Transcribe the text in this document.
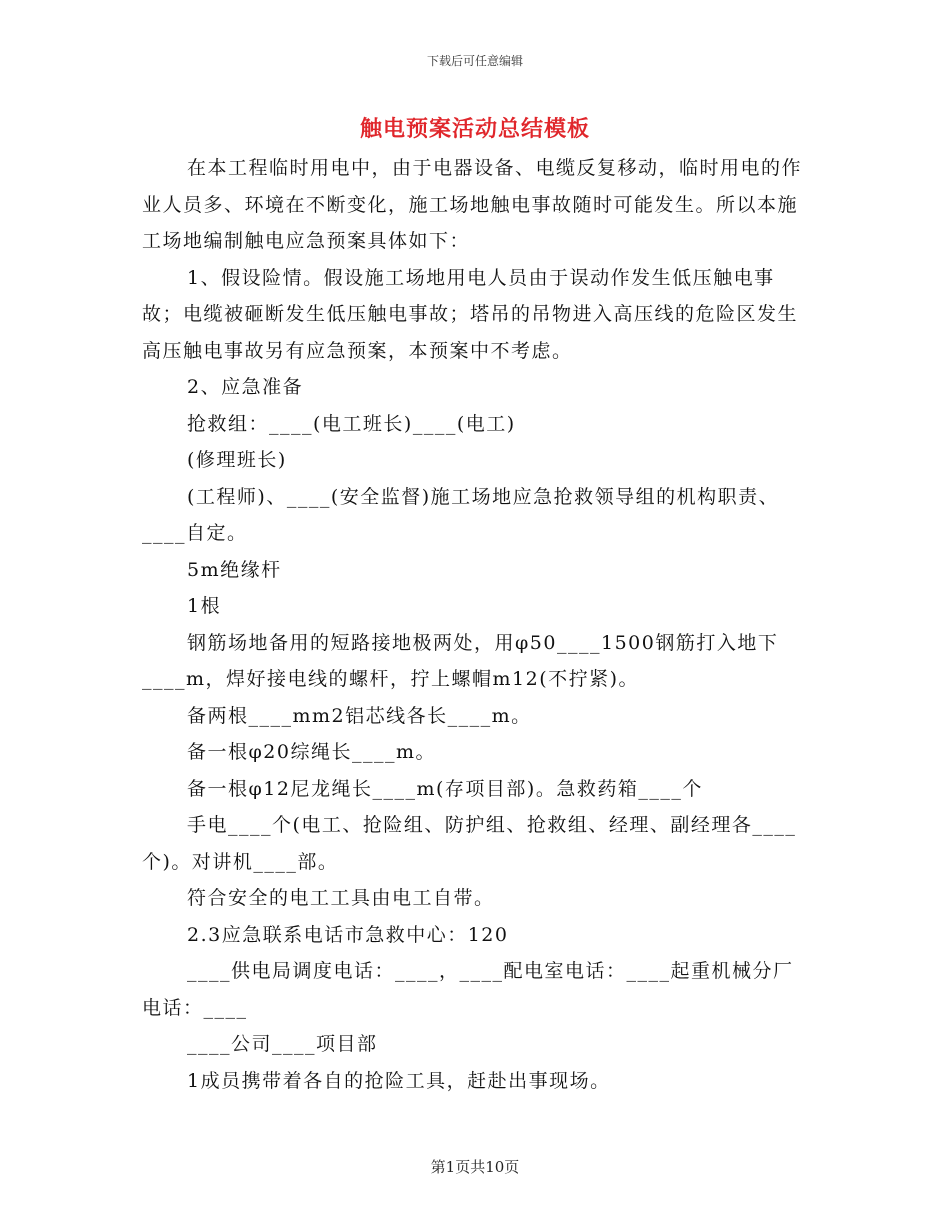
下载后可任意编辑
触电预案活动总结模板

在本工程临时用电中，由于电器设备、电缆反复移动，临时用电的作业人员多、环境在不断变化，施工场地触电事故随时可能发生。所以本施工场地编制触电应急预案具体如下：

1、假设险情。假设施工场地用电人员由于误动作发生低压触电事故；电缆被砸断发生低压触电事故；塔吊的吊物进入高压线的危险区发生高压触电事故另有应急预案，本预案中不考虑。

2、应急准备

抢救组：____(电工班长)____(电工)

(修理班长)

(工程师)、____(安全监督)施工场地应急抢救领导组的机构职责、____自定。

5m绝缘杆

1根

钢筋场地备用的短路接地极两处，用φ50____1500钢筋打入地下____m，焊好接电线的螺杆，拧上螺帽m12(不拧紧)。

备两根____mm2铝芯线各长____m。

备一根φ20综绳长____m。

备一根φ12尼龙绳长____m(存项目部)。急救药箱____个

手电____个(电工、抢险组、防护组、抢救组、经理、副经理各____个)。对讲机____部。

符合安全的电工工具由电工自带。

2.3应急联系电话市急救中心：120

____供电局调度电话：____，____配电室电话：____起重机械分厂电话：____

____公司____项目部

1成员携带着各自的抢险工具，赶赴出事现场。

第1页共10页
